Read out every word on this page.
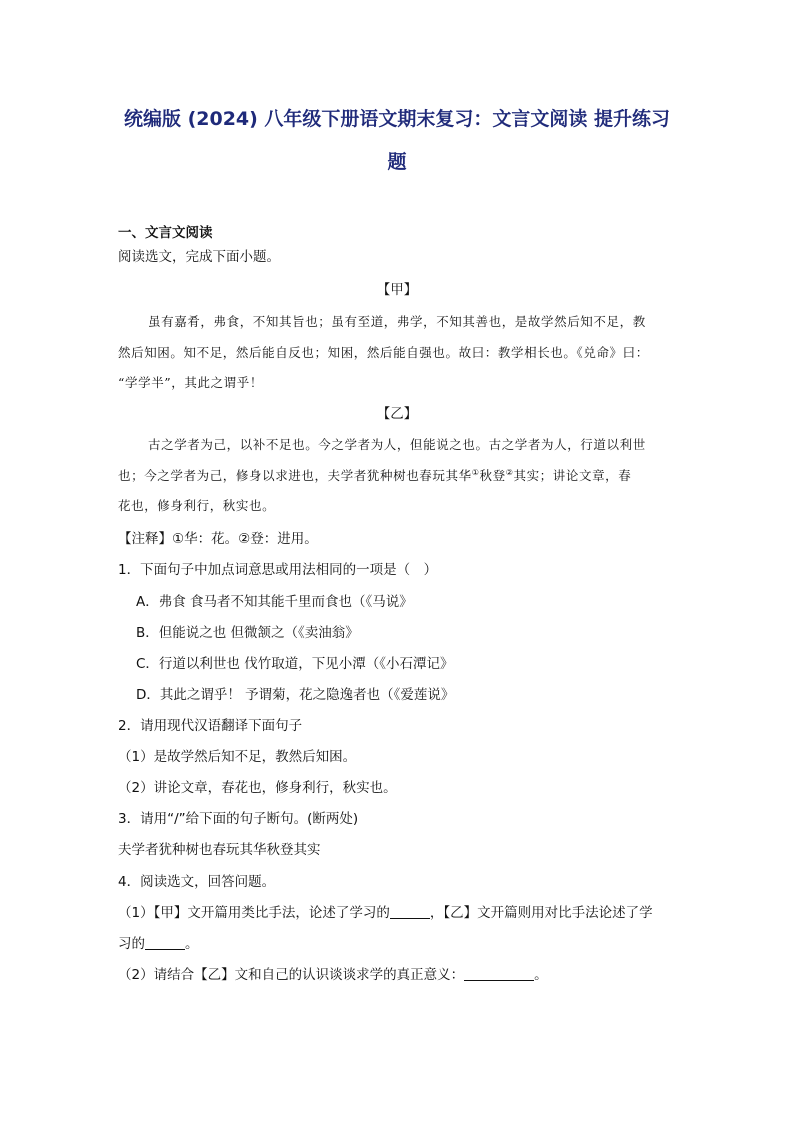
统编版 (2024) 八年级下册语文期末复习：文言文阅读 提升练习
题
一、文言文阅读
阅读选文，完成下面小题。
【甲】
虽有嘉肴，弗食，不知其旨也；虽有至道，弗学，不知其善也，是故学然后知不足，教
然后知困。知不足，然后能自反也；知困，然后能自强也。故曰：教学相长也。《兑命》曰：
“学学半”，其此之谓乎！
【乙】
古之学者为己，以补不足也。今之学者为人，但能说之也。古之学者为人，行道以利世
也；今之学者为己，修身以求进也，夫学者犹种树也春玩其华①秋登②其实；讲论文章，春
花也，修身利行，秋实也。
【注释】①华：花。②登：进用。
1．下面句子中加点词意思或用法相同的一项是（　）
A．弗食 食马者不知其能千里而食也（《马说》
B．但能说之也 但微颔之（《卖油翁》
C．行道以利世也 伐竹取道，下见小潭（《小石潭记》
D．其此之谓乎！ 予谓菊，花之隐逸者也（《爱莲说》
2．请用现代汉语翻译下面句子
（1）是故学然后知不足，教然后知困。
（2）讲论文章，春花也，修身利行，秋实也。
3．请用“/”给下面的句子断句。(断两处)
夫学者犹种树也春玩其华秋登其实
4．阅读选文，回答问题。
（1）【甲】文开篇用类比手法，论述了学习的	，【乙】文开篇则用对比手法论述了学
习的	。
（2）请结合【乙】文和自己的认识谈谈求学的真正意义：	。
